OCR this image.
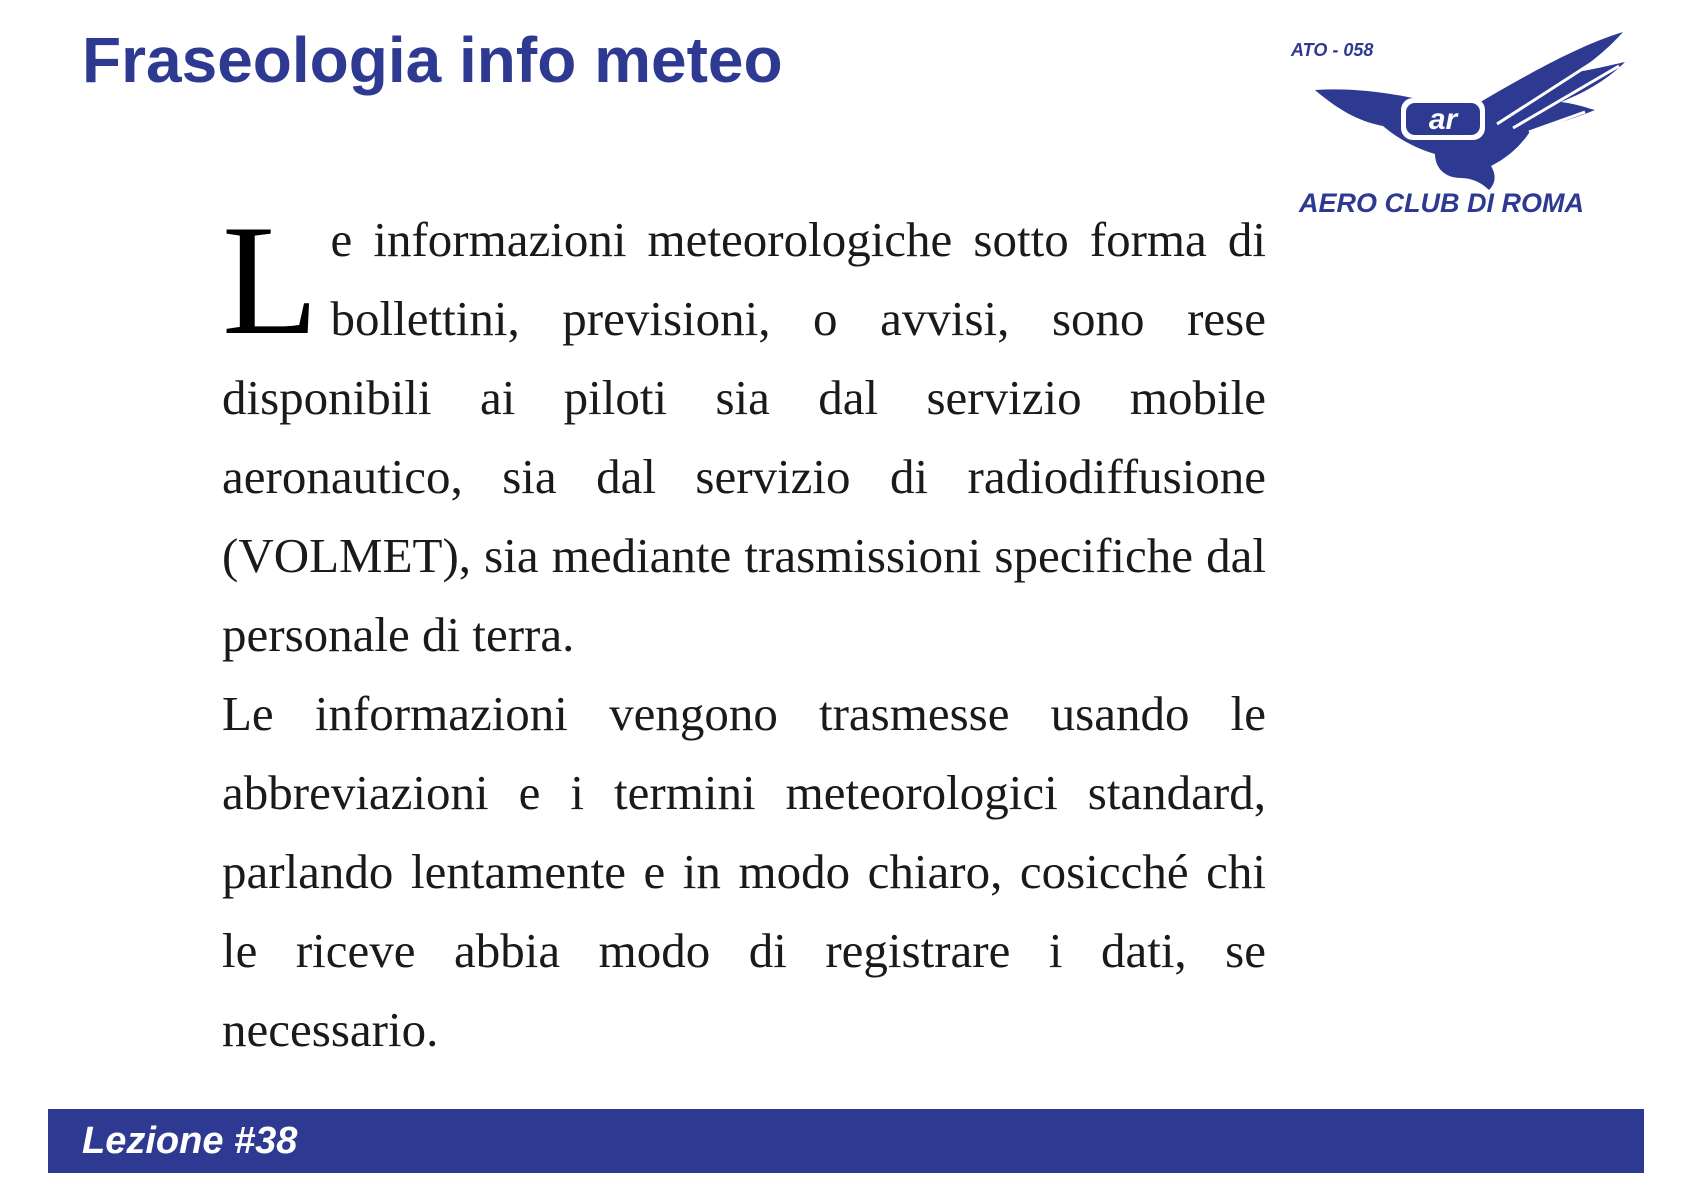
Fraseologia info meteo
ar
ATO - 058
AERO CLUB DI ROMA

Le informazioni meteorologiche sotto forma di bollettini, previsioni, o avvisi, sono rese disponibili ai piloti sia dal servizio mobile aeronautico, sia dal servizio di radiodiffusione (VOLMET), sia mediante trasmissioni specifiche dal personale di terra.

Le informazioni vengono trasmesse usando le abbreviazioni e i termini meteorologici standard, parlando lentamente e in modo chiaro, cosicché chi le riceve abbia modo di registrare i dati, se necessario.

Lezione #38
